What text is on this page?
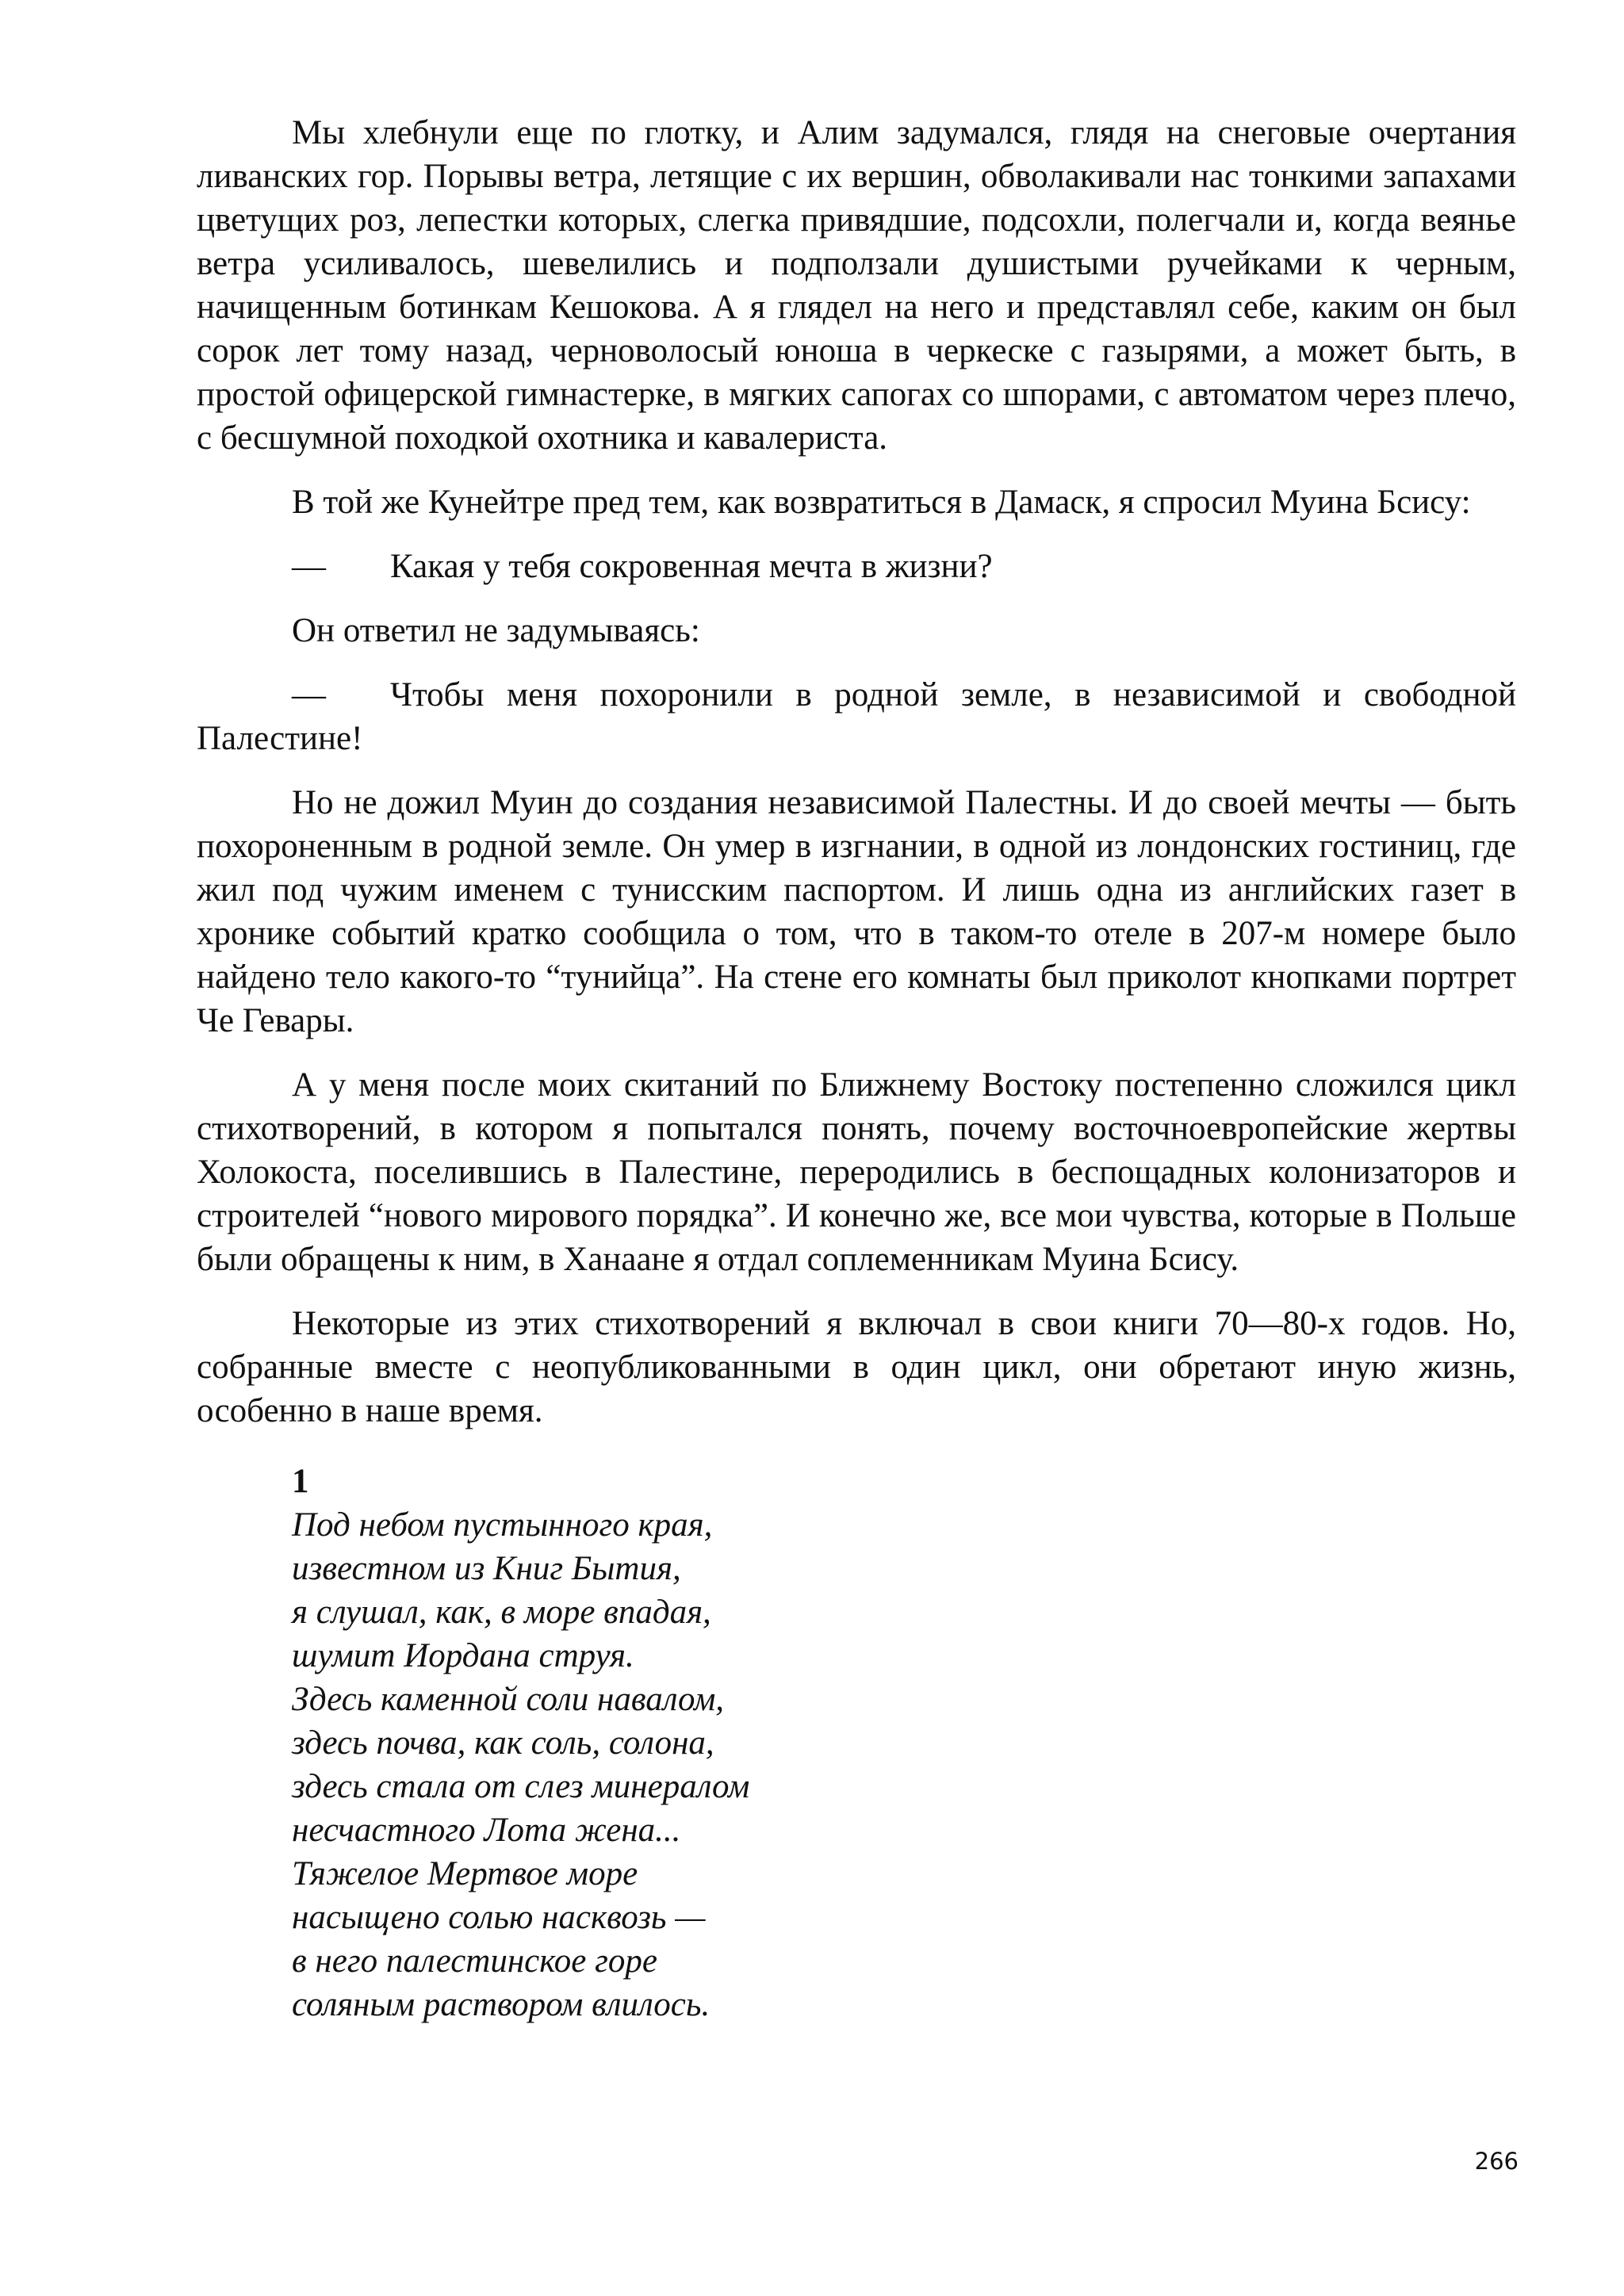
Мы хлебнули еще по глотку, и Алим задумался, глядя на снеговые очертания ливанских гор. Порывы ветра, летящие с их вершин, обволакивали нас тонкими запахами цветущих роз, лепестки которых, слегка привядшие, подсохли, полегчали и, когда веянье ветра усиливалось, шевелились и подползали душистыми ручейками к черным, начищенным ботинкам Кешокова. А я глядел на него и представлял себе, каким он был сорок лет тому назад, черноволосый юноша в черкеске с газырями, а может быть, в простой офицерской гимнастерке, в мягких сапогах со шпорами, с автоматом через плечо, с бесшумной походкой охотника и кавалериста.

В той же Кунейтре пред тем, как возвратиться в Дамаск, я спросил Муина Бсису:

— Какая у тебя сокровенная мечта в жизни?

Он ответил не задумываясь:

— Чтобы меня похоронили в родной земле, в независимой и свободной Палестине!

Но не дожил Муин до создания независимой Палестны. И до своей мечты — быть похороненным в родной земле. Он умер в изгнании, в одной из лондонских гостиниц, где жил под чужим именем с тунисским паспортом. И лишь одна из английских газет в хронике событий кратко сообщила о том, что в таком-то отеле в 207-м номере было найдено тело какого-то “тунийца”. На стене его комнаты был приколот кнопками портрет Че Гевары.

А у меня после моих скитаний по Ближнему Востоку постепенно сложился цикл стихотворений, в котором я попытался понять, почему восточноевропейские жертвы Холокоста, поселившись в Палестине, переродились в беспощадных колонизаторов и строителей “нового мирового порядка”. И конечно же, все мои чувства, которые в Польше были обращены к ним, в Ханаане я отдал соплеменникам Муина Бсису.

Некоторые из этих стихотворений я включал в свои книги 70—80-х годов. Но, собранные вместе с неопубликованными в один цикл, они обретают иную жизнь, особенно в наше время.

1

Под небом пустынного края,

известном из Книг Бытия,

я слушал, как, в море впадая,

шумит Иордана струя.

Здесь каменной соли навалом,

здесь почва, как соль, солона,

здесь стала от слез минералом

несчастного Лота жена...

Тяжелое Мертвое море

насыщено солью насквозь —

в него палестинское горе

соляным раствором влилось.

266
